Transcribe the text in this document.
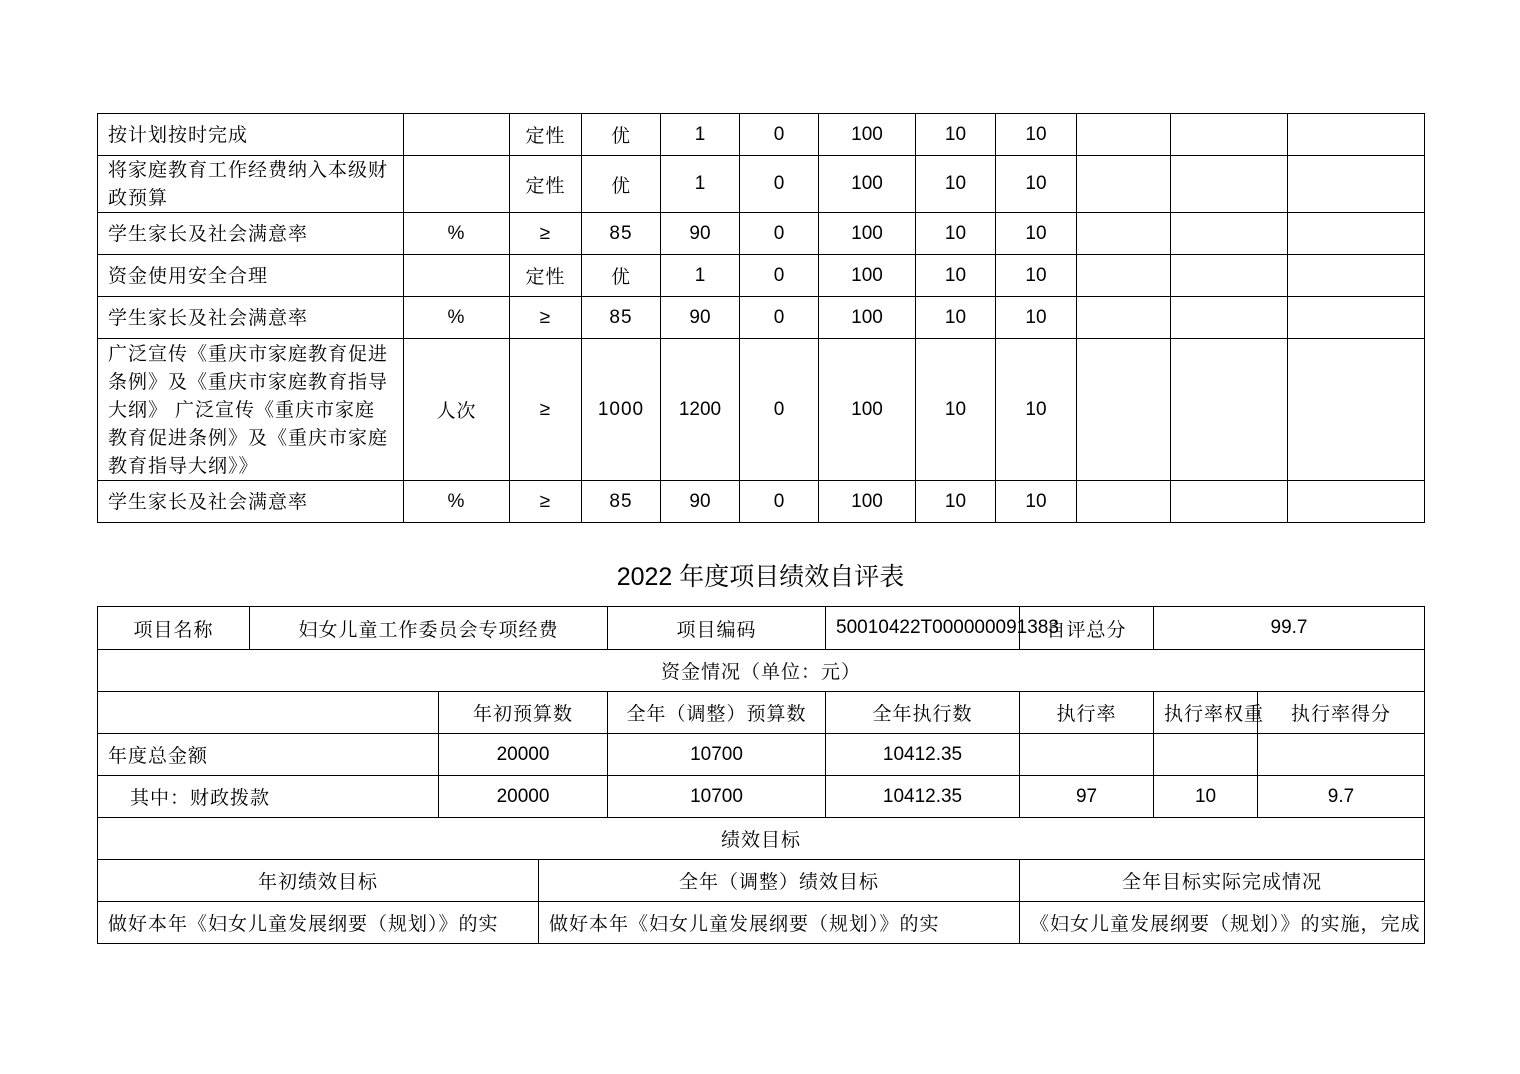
按计划按时完成		定性	优	1	0	100	10	10			
将家庭教育工作经费纳入本级财政预算		定性	优	1	0	100	10	10			
学生家长及社会满意率	%	≥	85	90	0	100	10	10			
资金使用安全合理		定性	优	1	0	100	10	10			
学生家长及社会满意率	%	≥	85	90	0	100	10	10			
广泛宣传《重庆市家庭教育促进条例》及《重庆市家庭教育指导大纲》 广泛宣传《重庆市家庭教育促进条例》及《重庆市家庭教育指导大纲》》	人次	≥	1000	1200	0	100	10	10			
学生家长及社会满意率	%	≥	85	90	0	100	10	10			
2022 年度项目绩效自评表
项目名称	妇女儿童工作委员会专项经费			项目编码	50010422T000000091383	自评总分	99.7	
资金情况（单位：元）								
		年初预算数		全年（调整）预算数	全年执行数	执行率	执行率权重	执行率得分
年度总金额		20000		10700	10412.35			
其中：财政拨款		20000		10700	10412.35	97	10	9.7
绩效目标								
年初绩效目标			全年（调整）绩效目标			全年目标实际完成情况		
做好本年《妇女儿童发展纲要（规划）》的实			做好本年《妇女儿童发展纲要（规划）》的实			《妇女儿童发展纲要（规划）》的实施，完成		
